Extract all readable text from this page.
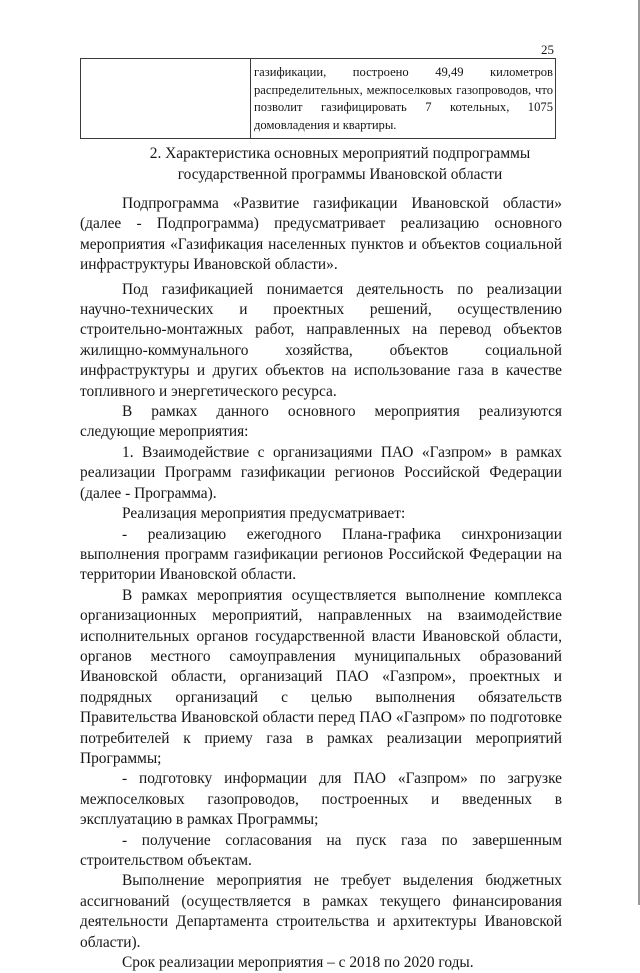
25
	газификации, построено 49,49 километров распределительных, межпоселковых газопроводов, что позволит газифицировать 7 котельных, 1075 домовладения и квартиры.
2. Характеристика основных мероприятий подпрограммы
государственной программы Ивановской области

Подпрограмма «Развитие газификации Ивановской области» (далее - Подпрограмма) предусматривает реализацию основного мероприятия «Газификация населенных пунктов и объектов социальной инфраструктуры Ивановской области».

Под газификацией понимается деятельность по реализации научно-технических и проектных решений, осуществлению строительно-монтажных работ, направленных на перевод объектов жилищно-коммунального хозяйства, объектов социальной инфраструктуры и других объектов на использование газа в качестве топливного и энергетического ресурса.

В рамках данного основного мероприятия реализуются следующие мероприятия:

1. Взаимодействие с организациями ПАО «Газпром» в рамках реализации Программ газификации регионов Российской Федерации (далее - Программа).

Реализация мероприятия предусматривает:

- реализацию ежегодного Плана-графика синхронизации выполнения программ газификации регионов Российской Федерации на территории Ивановской области.

В рамках мероприятия осуществляется выполнение комплекса организационных мероприятий, направленных на взаимодействие исполнительных органов государственной власти Ивановской области, органов местного самоуправления муниципальных образований Ивановской области, организаций ПАО «Газпром», проектных и подрядных организаций с целью выполнения обязательств Правительства Ивановской области перед ПАО «Газпром» по подготовке потребителей к приему газа в рамках реализации мероприятий Программы;

- подготовку информации для ПАО «Газпром» по загрузке межпоселковых газопроводов, построенных и введенных в эксплуатацию в рамках Программы;

- получение согласования на пуск газа по завершенным строительством объектам.

Выполнение мероприятия не требует выделения бюджетных ассигнований (осуществляется в рамках текущего финансирования деятельности Департамента строительства и архитектуры Ивановской области).

Срок реализации мероприятия – с 2018 по 2020 годы.
